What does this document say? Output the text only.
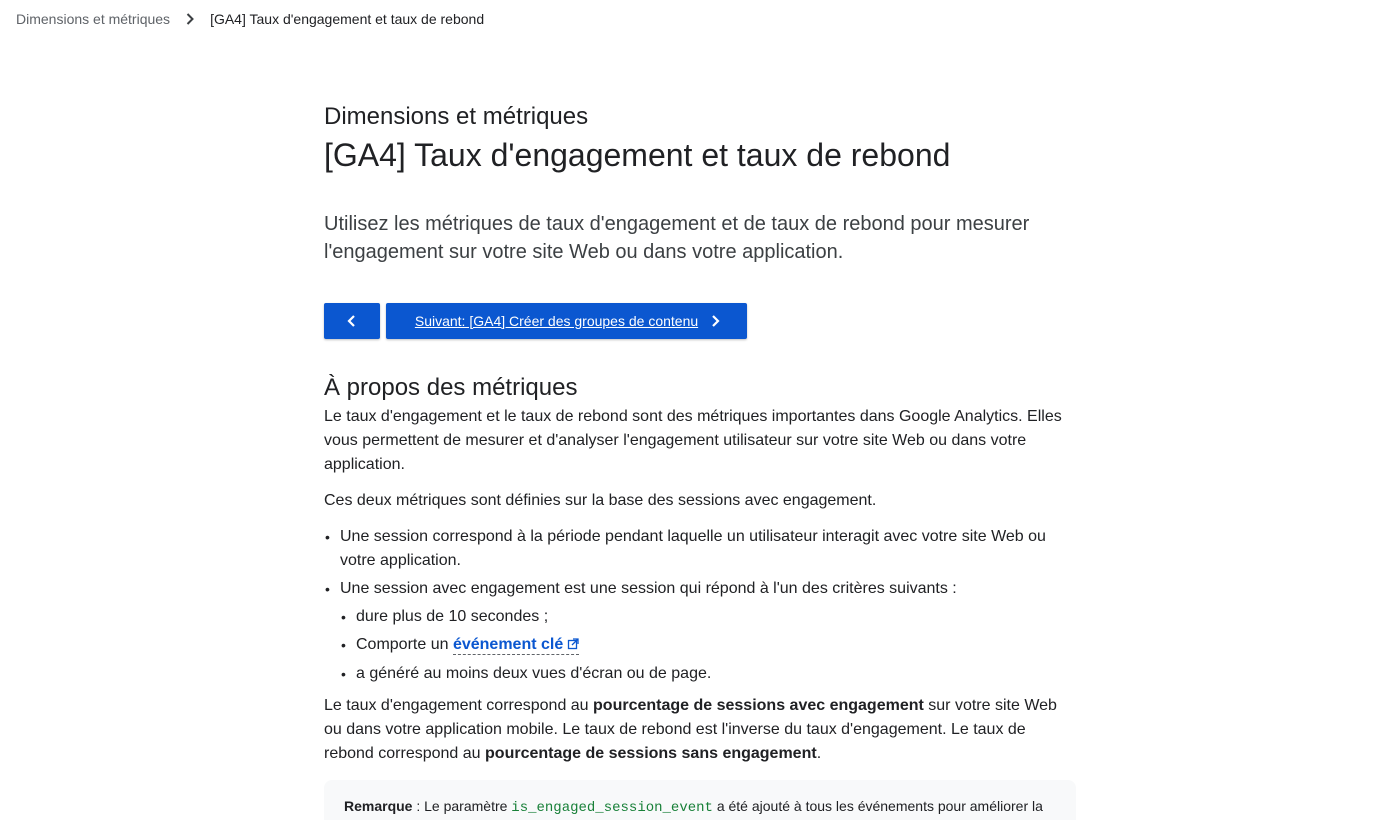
Dimensions et métriques	[GA4] Taux d'engagement et taux de rebond
Dimensions et métriques
[GA4] Taux d'engagement et taux de rebond

Utilisez les métriques de taux d'engagement et de taux de rebond pour mesurer l'engagement sur votre site Web ou dans votre application.

Suivant: [GA4] Créer des groupes de contenu
À propos des métriques

Le taux d'engagement et le taux de rebond sont des métriques importantes dans Google Analytics. Elles vous permettent de mesurer et d'analyser l'engagement utilisateur sur votre site Web ou dans votre application.

Ces deux métriques sont définies sur la base des sessions avec engagement.

• Une session correspond à la période pendant laquelle un utilisateur interagit avec votre site Web ou votre application.
• Une session avec engagement est une session qui répond à l'un des critères suivants :
• dure plus de 10 secondes ;
• Comporte un événement clé
• a généré au moins deux vues d'écran ou de page.

Le taux d'engagement correspond au pourcentage de sessions avec engagement sur votre site Web ou dans votre application mobile. Le taux de rebond est l'inverse du taux d'engagement. Le taux de rebond correspond au pourcentage de sessions sans engagement.

Remarque : Le paramètre is_engaged_session_event a été ajouté à tous les événements pour améliorer la
